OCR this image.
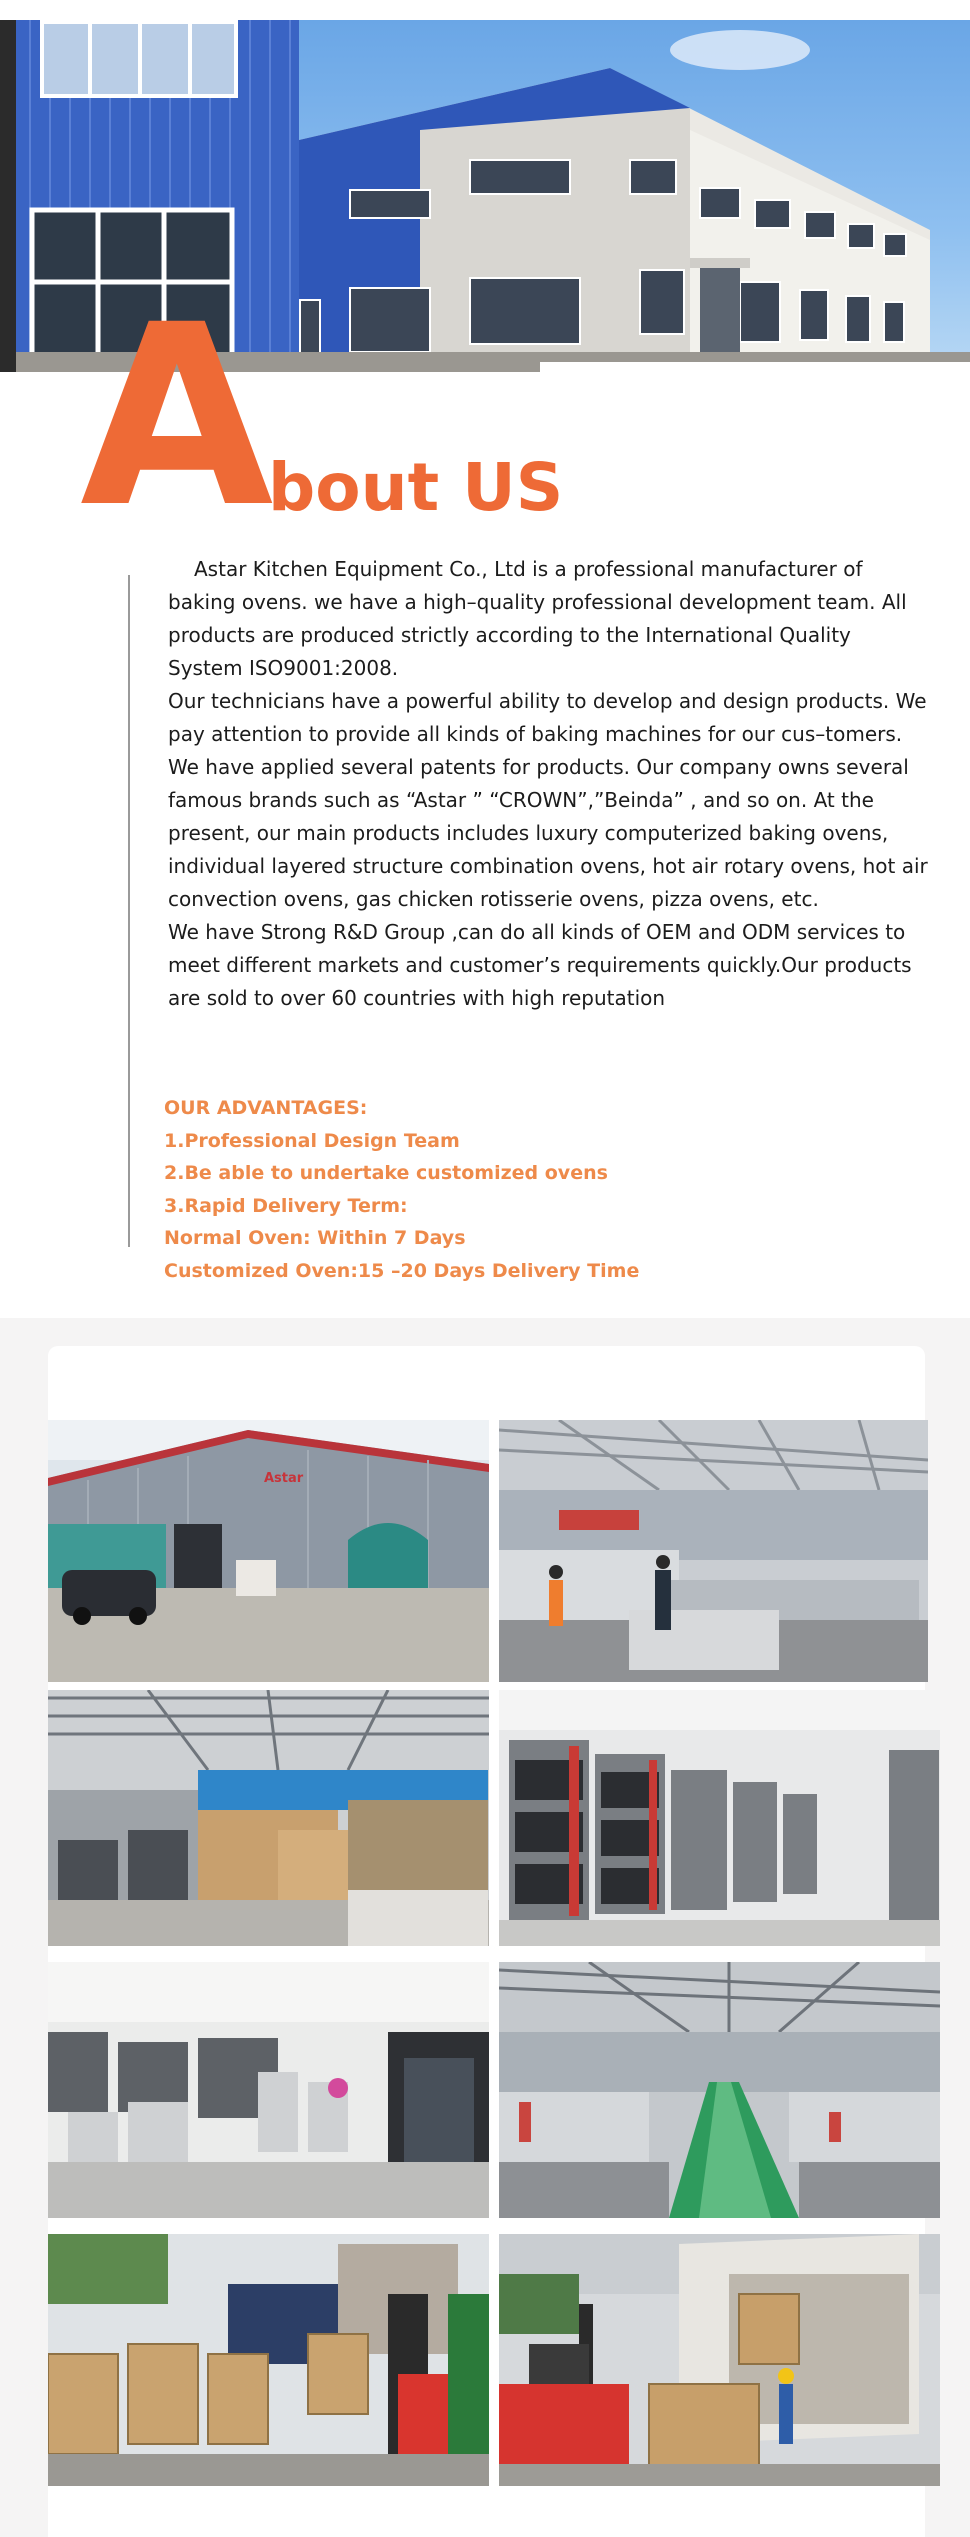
A bout US

Astar Kitchen Equipment Co., Ltd is a professional manufacturer of baking ovens. we have a high–quality professional development team. All products are produced strictly according to the International Quality System ISO9001:2008.

Our technicians have a powerful ability to develop and design products. We pay attention to provide all kinds of baking machines for our cus–tomers. We have applied several patents for products. Our company owns several famous brands such as “Astar ” “CROWN”,”Beinda” , and so on. At the present, our main products includes luxury computerized baking ovens, individual layered structure combination ovens, hot air rotary ovens, hot air convection ovens, gas chicken rotisserie ovens, pizza ovens, etc.

We have Strong R&D Group ,can do all kinds of OEM and ODM services to meet different markets and customer’s requirements quickly.Our products are sold to over 60 countries with high reputation

OUR ADVANTAGES:
1.Professional Design Team
2.Be able to undertake customized ovens
3.Rapid Delivery Term:
Normal Oven: Within 7 Days
Customized Oven:15 –20 Days Delivery Time
Astar
